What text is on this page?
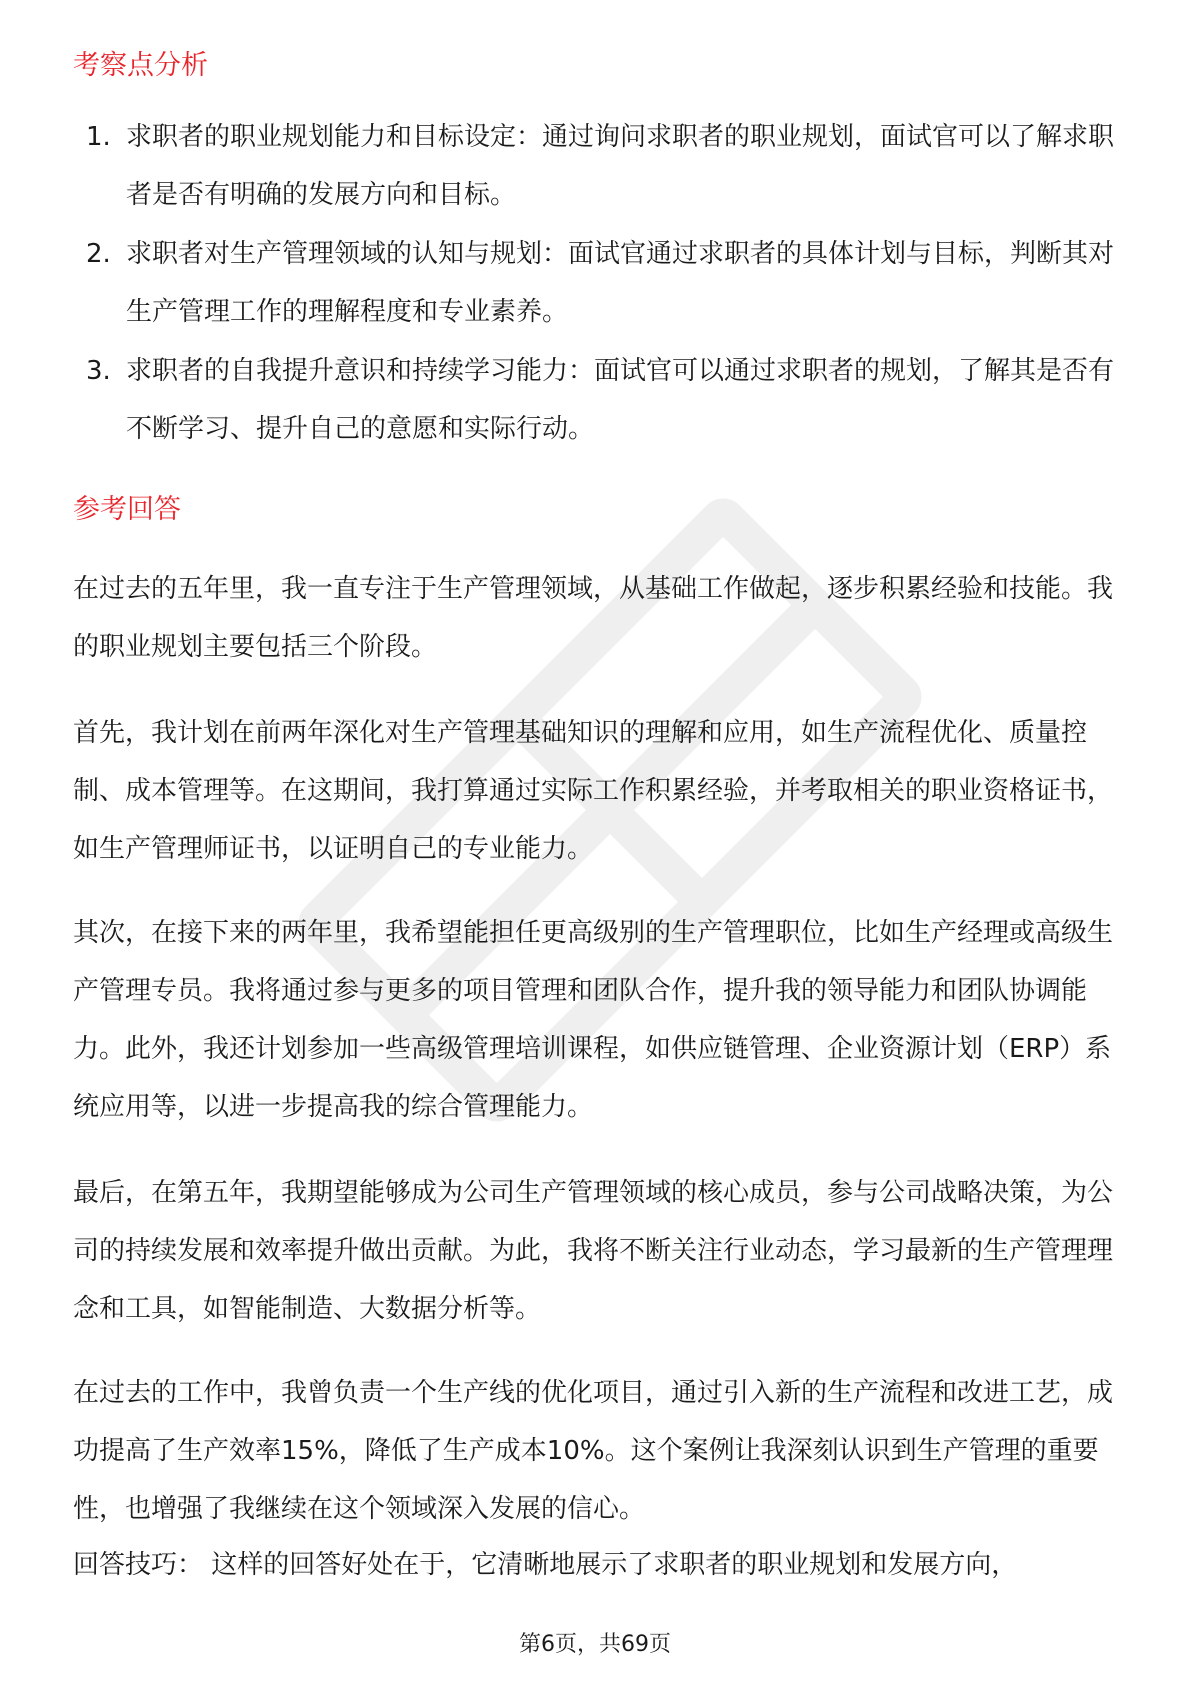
考察点分析
1. 求职者的职业规划能力和目标设定：通过询问求职者的职业规划，面试官可以了解求职者是否有明确的发展方向和目标。
2. 求职者对生产管理领域的认知与规划：面试官通过求职者的具体计划与目标，判断其对生产管理工作的理解程度和专业素养。
3. 求职者的自我提升意识和持续学习能力：面试官可以通过求职者的规划，了解其是否有不断学习、提升自己的意愿和实际行动。
参考回答

在过去的五年里，我一直专注于生产管理领域，从基础工作做起，逐步积累经验和技能。我的职业规划主要包括三个阶段。

首先，我计划在前两年深化对生产管理基础知识的理解和应用，如生产流程优化、质量控制、成本管理等。在这期间，我打算通过实际工作积累经验，并考取相关的职业资格证书，如生产管理师证书，以证明自己的专业能力。

其次，在接下来的两年里，我希望能担任更高级别的生产管理职位，比如生产经理或高级生产管理专员。我将通过参与更多的项目管理和团队合作，提升我的领导能力和团队协调能力。此外，我还计划参加一些高级管理培训课程，如供应链管理、企业资源计划（ERP）系统应用等，以进一步提高我的综合管理能力。

最后，在第五年，我期望能够成为公司生产管理领域的核心成员，参与公司战略决策，为公司的持续发展和效率提升做出贡献。为此，我将不断关注行业动态，学习最新的生产管理理念和工具，如智能制造、大数据分析等。

在过去的工作中，我曾负责一个生产线的优化项目，通过引入新的生产流程和改进工艺，成功提高了生产效率15%，降低了生产成本10%。这个案例让我深刻认识到生产管理的重要性，也增强了我继续在这个领域深入发展的信心。

回答技巧： 这样的回答好处在于，它清晰地展示了求职者的职业规划和发展方向，

第6页，共69页
